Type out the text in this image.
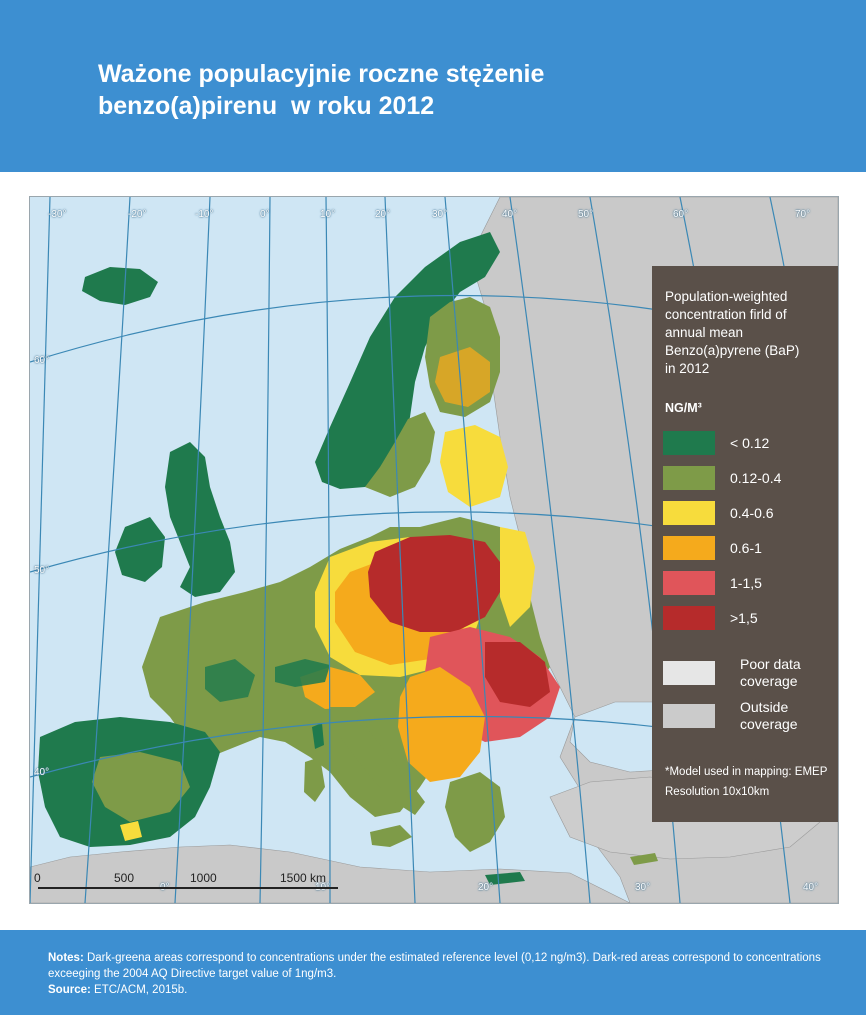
Ważone populacyjnie roczne stężenie
benzo(a)pirenu  w roku 2012
-30°	-20°	-10°	0°	10°	20°	30°	40°	50°	60°	70°
60°
50°
40°
20°	30°	40°
0	500	1000	1500 km
Population-weighted
concentration firld of
annual mean
Benzo(a)pyrene (BaP)
in 2012
NG/M³
< 0.12
0.12-0.4
0.4-0.6
0.6-1
1-1,5
>1,5
Poor data
coverage
Outside
coverage
*Model used in mapping: EMEP
Resolution 10x10km
Notes: Dark-greena areas correspond to concentrations under the estimated reference level (0,12 ng/m3). Dark-red areas correspond to concentrations exceeging the 2004 AQ Directive target value of 1ng/m3.
Source: ETC/ACM, 2015b.
